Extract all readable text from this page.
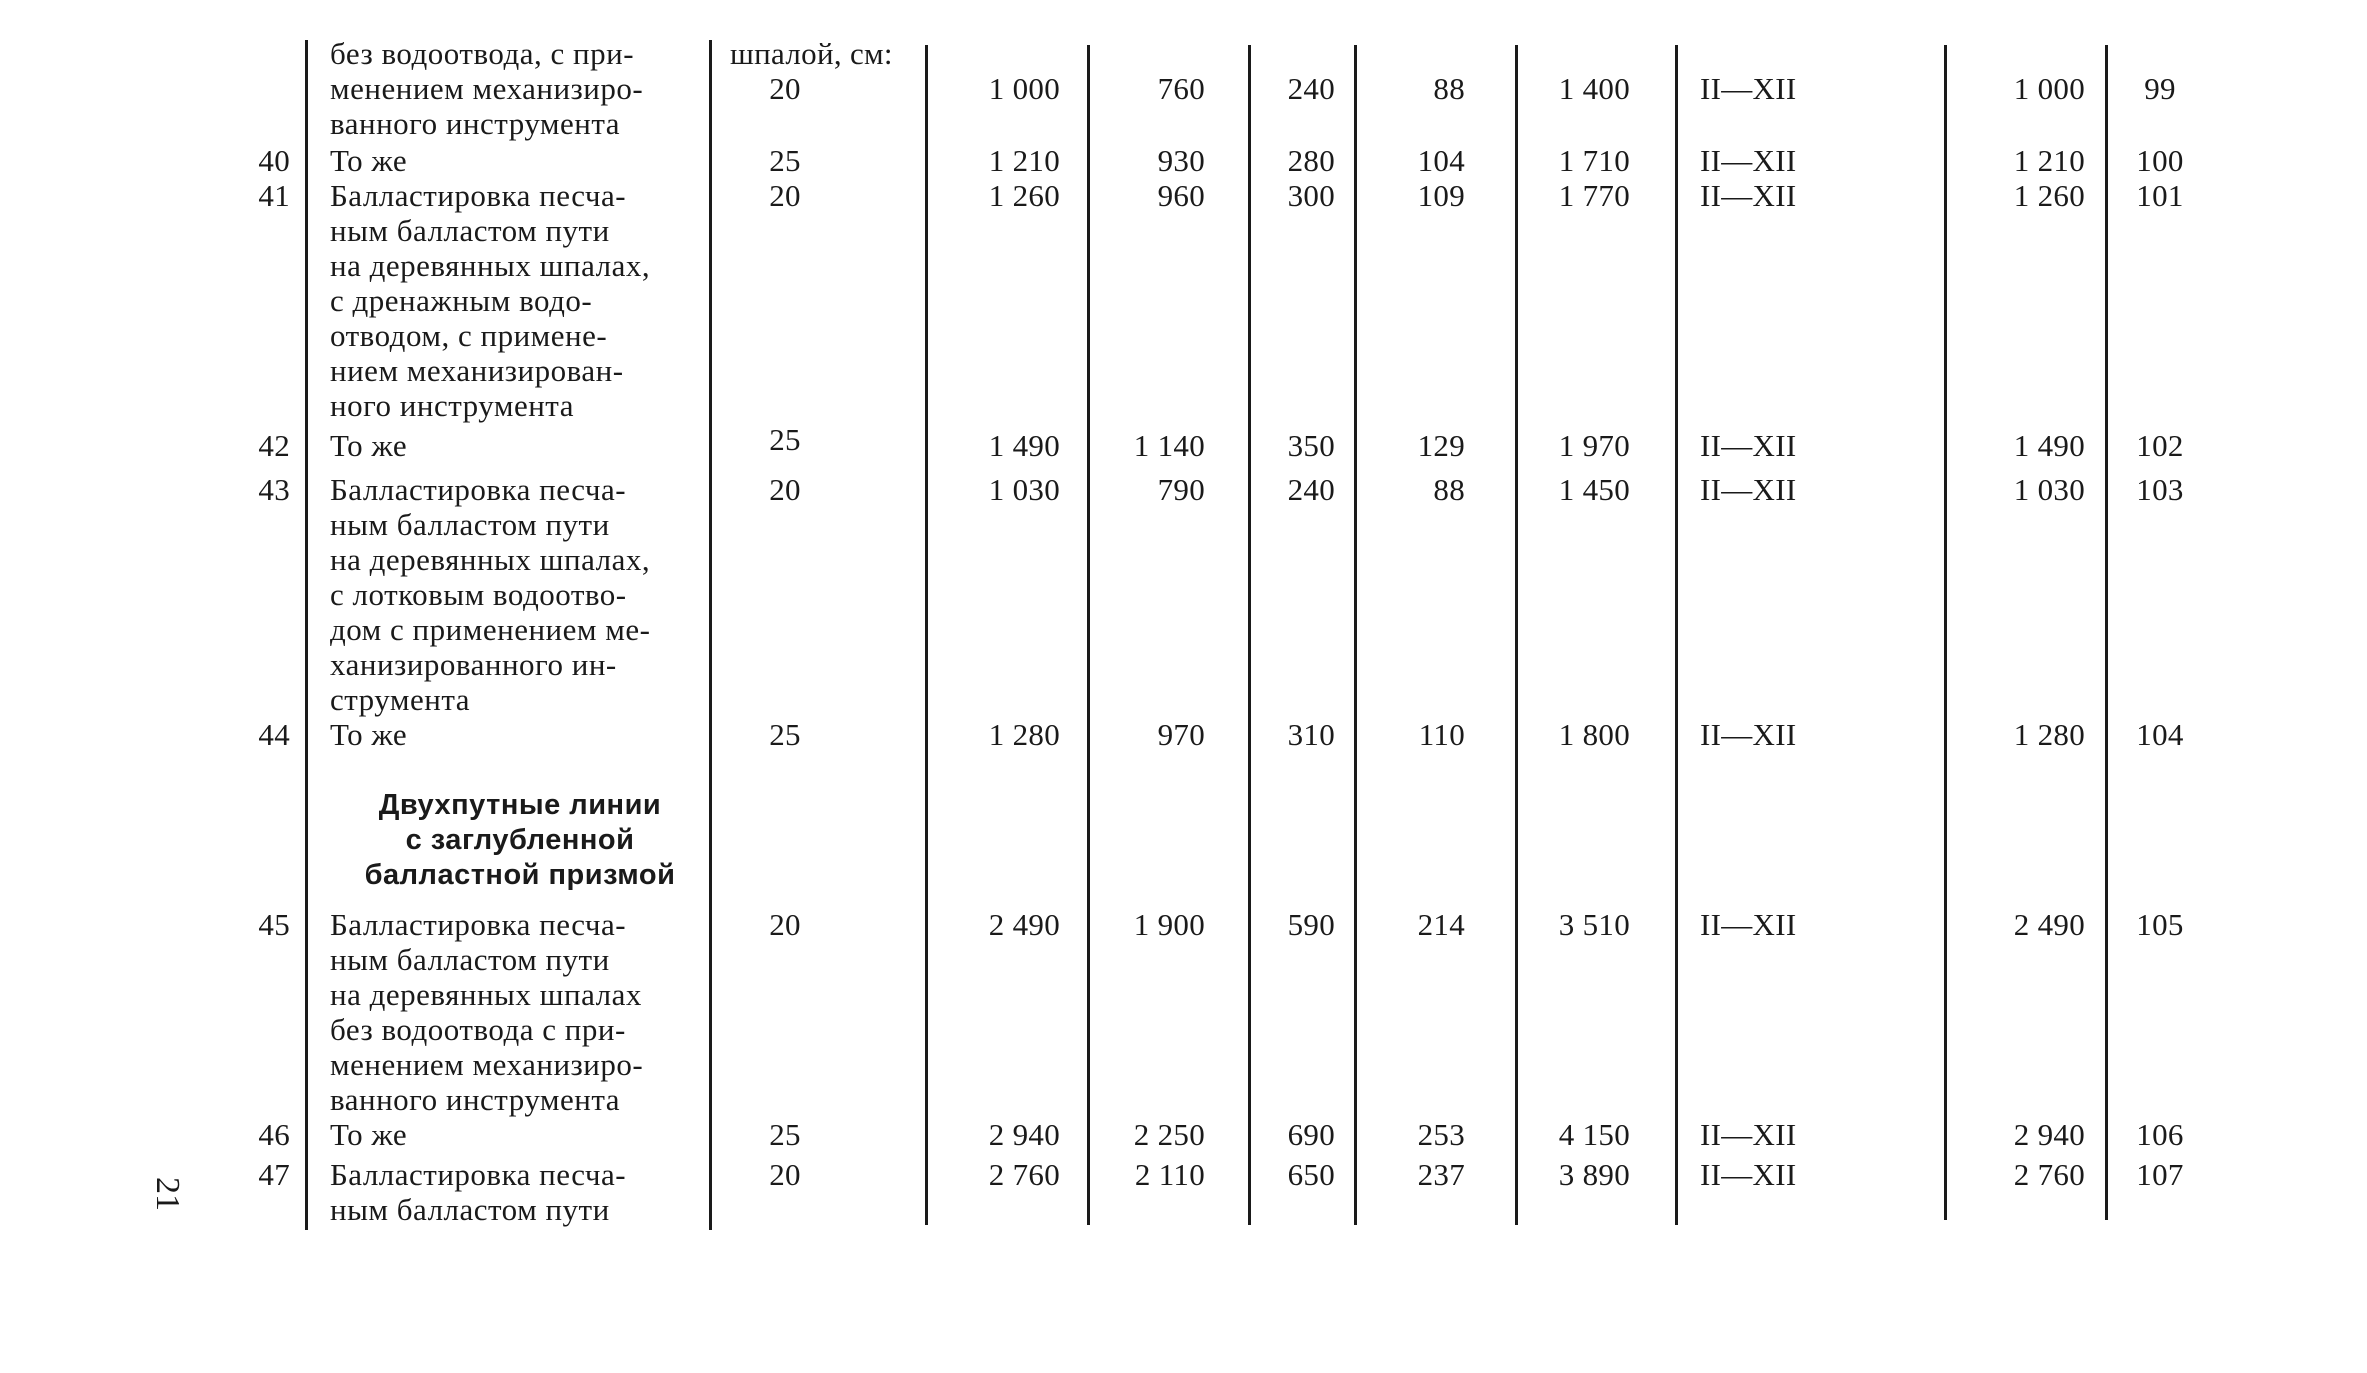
без водоотвода, с при-
менением механизиро-
ванного инструмента
шпалой, см:
20	1 000	760	240	88	1 400 II—XII	1 000	99
40 То же	25	1 210	930	280	104	1 710 II—XII	1 210	100
41 Балластировка песча-
ным балластом пути
на деревянных шпалах,
с дренажным водо-
отводом, с примене-
нием механизирован-
ного инструмента
20	1 260	960	300	109	1 770 II—XII	1 260	101
42 То же	25	1 490	1 140	350	129	1 970 II—XII	1 490	102
43 Балластировка песча-
ным балластом пути
на деревянных шпалах,
с лотковым водоотво-
дом с применением ме-
ханизированного ин-
струмента
20	1 030	790	240	88	1 450 II—XII	1 030	103
44 То же	25	1 280	970	310	110	1 800 II—XII	1 280	104
Двухпутные линии
с заглубленной
балластной призмой
45 Балластировка песча-
ным балластом пути
на деревянных шпалах
без водоотвода с при-
менением механизиро-
ванного инструмента
20	2 490	1 900	590	214	3 510 II—XII	2 490	105
46 То же	25	2 940	2 250	690	253	4 150 II—XII	2 940	106
47 Балластировка песча-
ным балластом пути
20	2 760	2 110	650	237	3 890 II—XII	2 760	107
21
